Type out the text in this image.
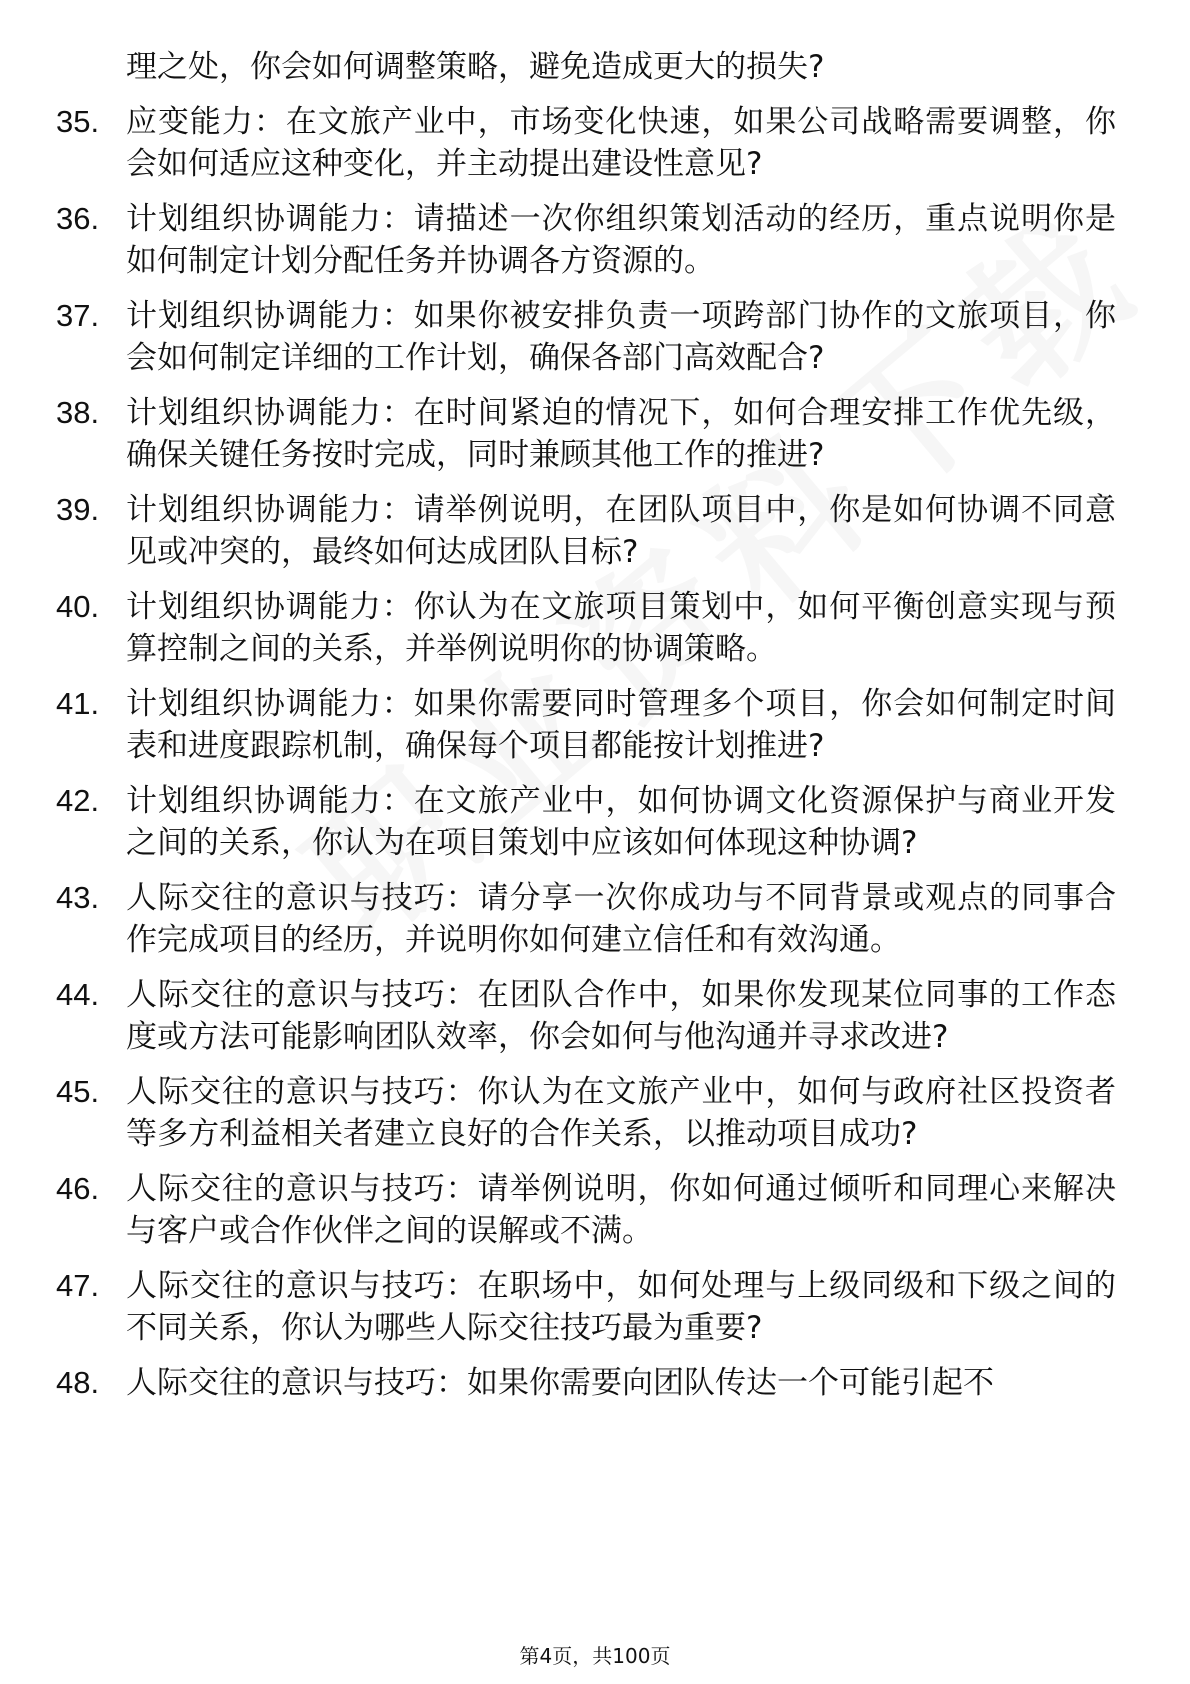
理之处，你会如何调整策略，避免造成更大的损失?
35. 应变能力：在文旅产业中，市场变化快速，如果公司战略需要调整，你会如何适应这种变化，并主动提出建设性意见?
36. 计划组织协调能力：请描述一次你组织策划活动的经历，重点说明你是如何制定计划分配任务并协调各方资源的。
37. 计划组织协调能力：如果你被安排负责一项跨部门协作的文旅项目，你会如何制定详细的工作计划，确保各部门高效配合?
38. 计划组织协调能力：在时间紧迫的情况下，如何合理安排工作优先级，确保关键任务按时完成，同时兼顾其他工作的推进?
39. 计划组织协调能力：请举例说明，在团队项目中，你是如何协调不同意见或冲突的，最终如何达成团队目标?
40. 计划组织协调能力：你认为在文旅项目策划中，如何平衡创意实现与预算控制之间的关系，并举例说明你的协调策略。
41. 计划组织协调能力：如果你需要同时管理多个项目，你会如何制定时间表和进度跟踪机制，确保每个项目都能按计划推进?
42. 计划组织协调能力：在文旅产业中，如何协调文化资源保护与商业开发之间的关系，你认为在项目策划中应该如何体现这种协调?
43. 人际交往的意识与技巧：请分享一次你成功与不同背景或观点的同事合作完成项目的经历，并说明你如何建立信任和有效沟通。
44. 人际交往的意识与技巧：在团队合作中，如果你发现某位同事的工作态度或方法可能影响团队效率，你会如何与他沟通并寻求改进?
45. 人际交往的意识与技巧：你认为在文旅产业中，如何与政府社区投资者等多方利益相关者建立良好的合作关系，以推动项目成功?
46. 人际交往的意识与技巧：请举例说明，你如何通过倾听和同理心来解决与客户或合作伙伴之间的误解或不满。
47. 人际交往的意识与技巧：在职场中，如何处理与上级同级和下级之间的不同关系，你认为哪些人际交往技巧最为重要?
48. 人际交往的意识与技巧：如果你需要向团队传达一个可能引起不
第4页，共100页
